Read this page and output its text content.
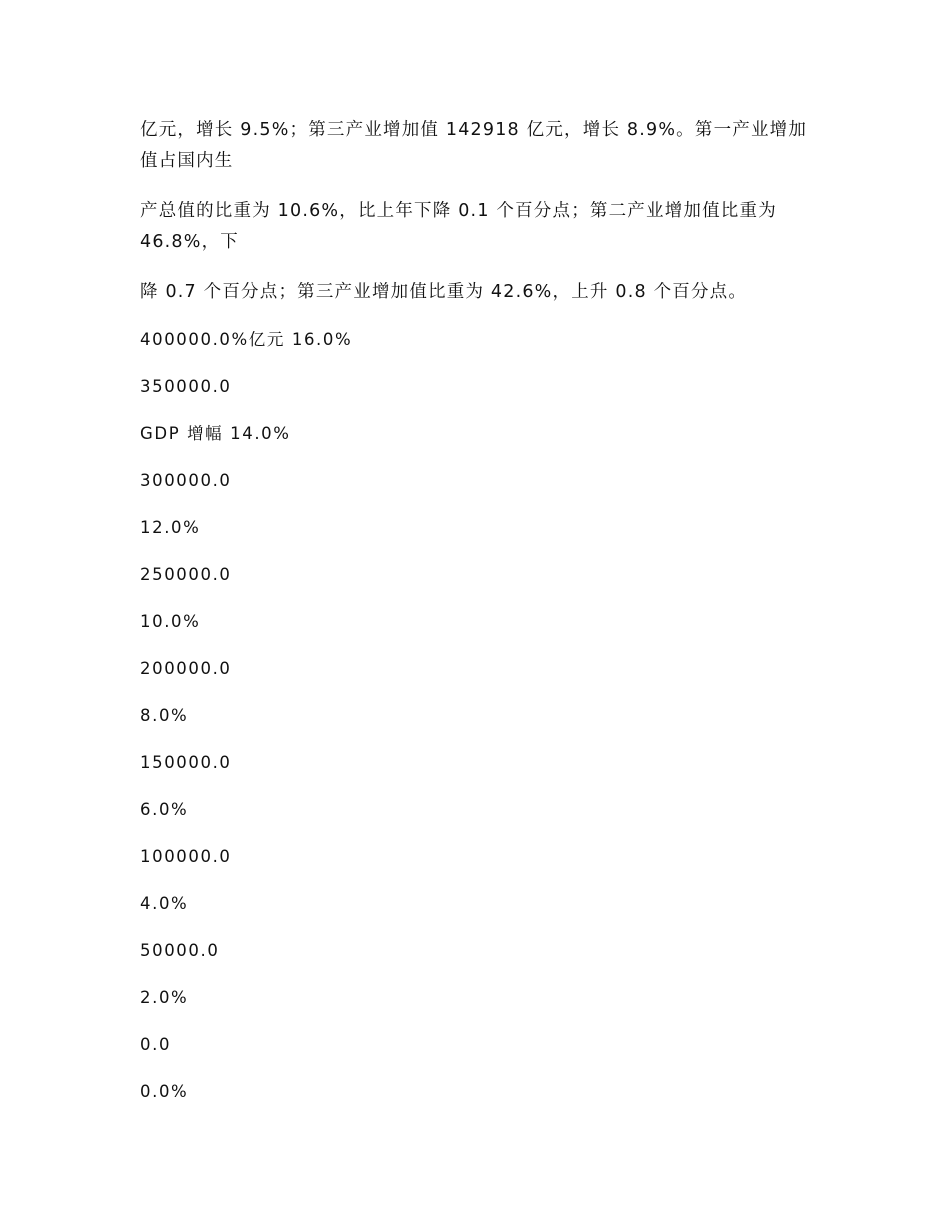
亿元，增长 9.5%；第三产业增加值 142918 亿元，增长 8.9%。第一产业增加值占国内生

产总值的比重为 10.6%，比上年下降 0.1 个百分点；第二产业增加值比重为 46.8%，下

降 0.7 个百分点；第三产业增加值比重为 42.6%，上升 0.8 个百分点。

400000.0%亿元 16.0%

350000.0

GDP 增幅 14.0%

300000.0

12.0%

250000.0

10.0%

200000.0

8.0%

150000.0

6.0%

100000.0

4.0%

50000.0

2.0%

0.0

0.0%
